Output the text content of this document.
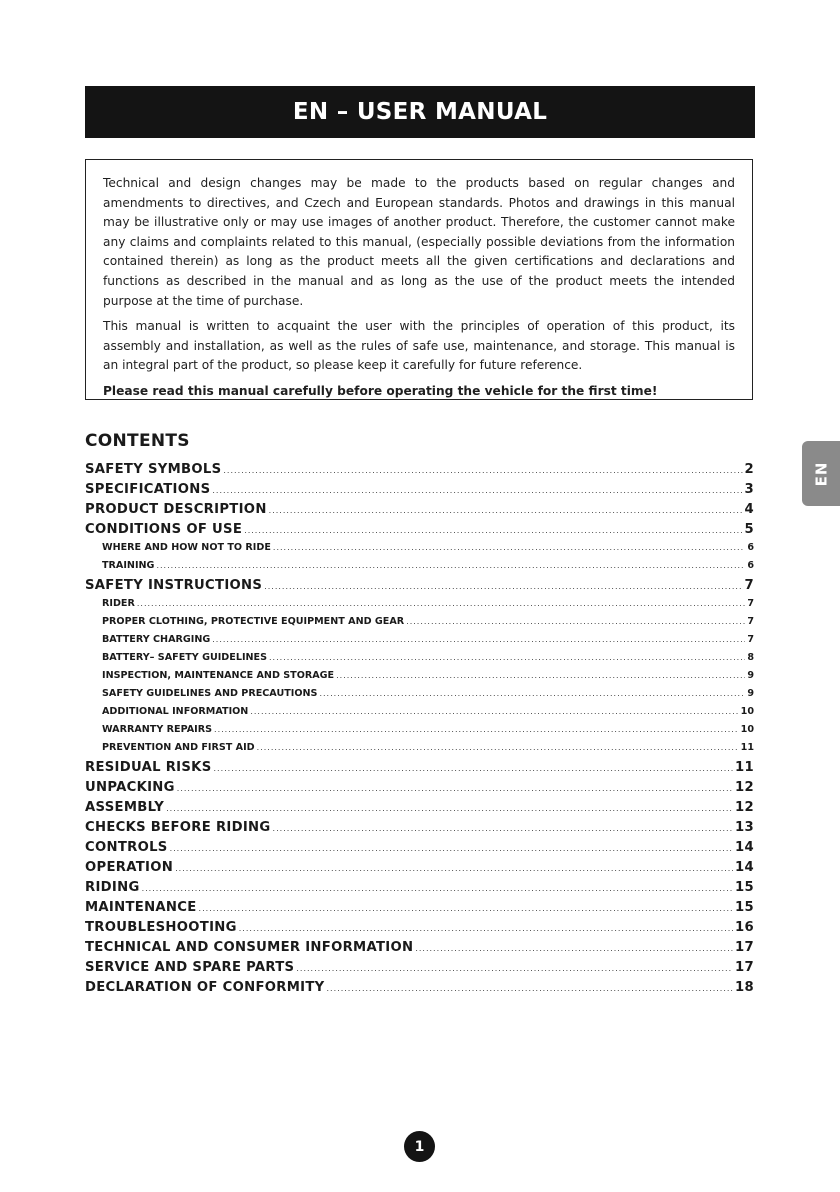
EN – USER MANUAL

Technical and design changes may be made to the products based on regular changes and amendments to directives, and Czech and European standards. Photos and drawings in this manual may be illustrative only or may use images of another product. Therefore, the customer cannot make any claims and complaints related to this manual, (especially possible deviations from the information contained therein) as long as the product meets all the given certifications and declarations and functions as described in the manual and as long as the use of the product meets the intended purpose at the time of purchase.

This manual is written to acquaint the user with the principles of operation of this product, its assembly and installation, as well as the rules of safe use, maintenance, and storage. This manual is an integral part of the product, so please keep it carefully for future reference.

Please read this manual carefully before operating the vehicle for the first time!

CONTENTS
SAFETY SYMBOLS .....	2
SPECIFICATIONS .....	3
PRODUCT DESCRIPTION .....	4
CONDITIONS OF USE .....	5
WHERE AND HOW NOT TO RIDE .....	6
TRAINING .....	6
SAFETY INSTRUCTIONS .....	7
RIDER .....	7
PROPER CLOTHING, PROTECTIVE EQUIPMENT AND GEAR .....	7
BATTERY CHARGING .....	7
BATTERY– SAFETY GUIDELINES .....	8
INSPECTION, MAINTENANCE AND STORAGE .....	9
SAFETY GUIDELINES AND PRECAUTIONS .....	9
ADDITIONAL INFORMATION .....	10
WARRANTY REPAIRS .....	10
PREVENTION AND FIRST AID .....	11
RESIDUAL RISKS .....	11
UNPACKING .....	12
ASSEMBLY .....	12
CHECKS BEFORE RIDING .....	13
CONTROLS .....	14
OPERATION .....	14
RIDING .....	15
MAINTENANCE .....	15
TROUBLESHOOTING .....	16
TECHNICAL AND CONSUMER INFORMATION .....	17
SERVICE AND SPARE PARTS .....	17
DECLARATION OF CONFORMITY .....	18
EN
1
